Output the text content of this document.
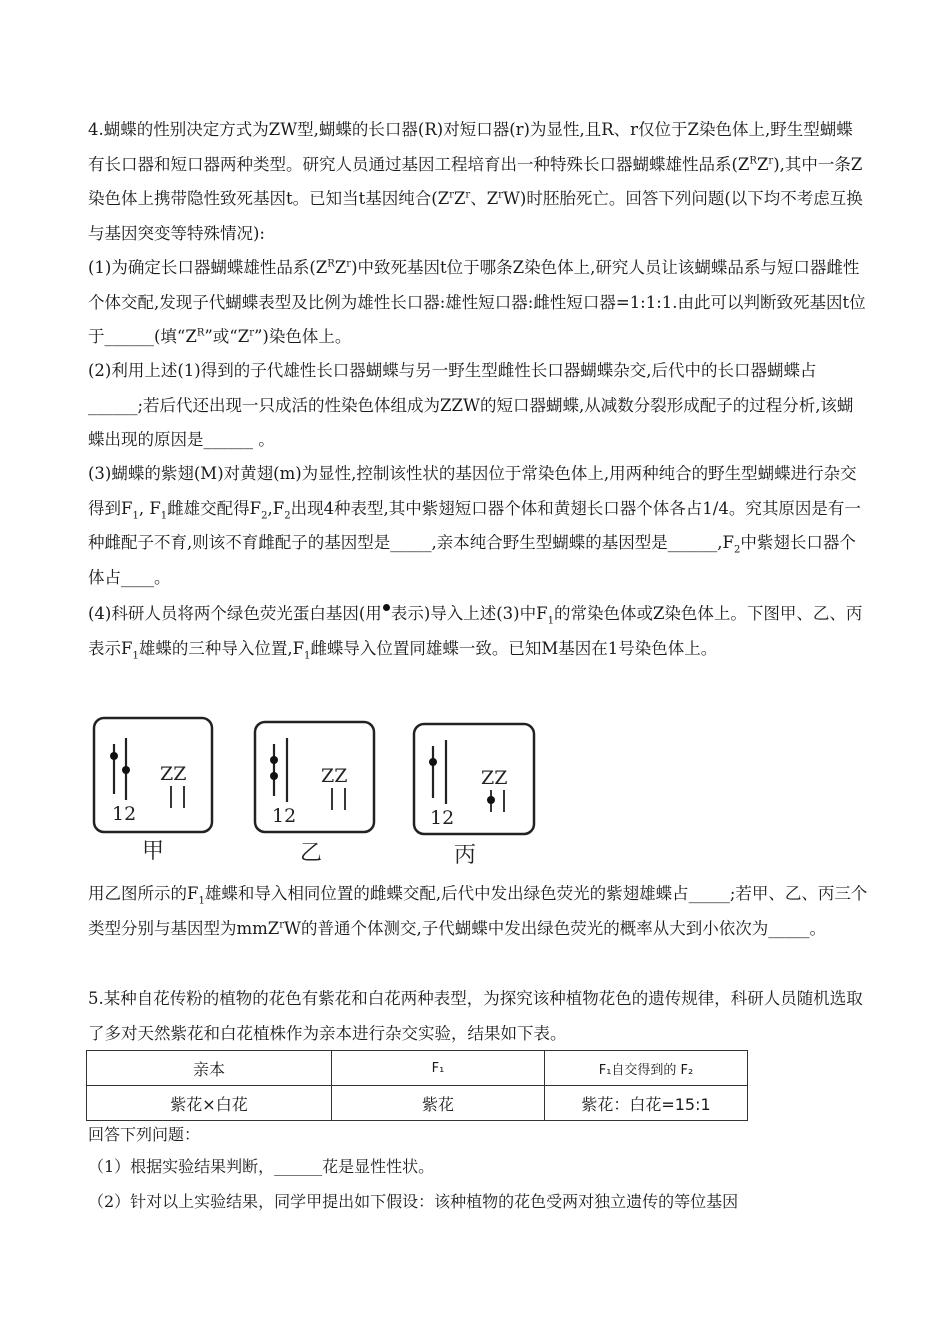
4.蝴蝶的性别决定方式为ZW型,蝴蝶的长口器(R)对短口器(r)为显性,且R、r仅位于Z染色体上,野生型蝴蝶有长口器和短口器两种类型。研究人员通过基因工程培育出一种特殊长口器蝴蝶雄性品系$(Z^RZ^r)$,其中一条Z染色体上携带隐性致死基因t。已知当t基因纯合($Z^rZ^r$、$Z^rW$)时胚胎死亡。回答下列问题(以下均不考虑互换与基因突变等特殊情况):

(1)为确定长口器蝴蝶雄性品系$(Z^RZ^r)$中致死基因t位于哪条Z染色体上,研究人员让该蝴蝶品系与短口器雌性个体交配,发现子代蝴蝶表型及比例为雄性长口器:雄性短口器:雌性短口器=1:1:1.由此可以判断致死基因t位于______(填“$Z^R$”或“$Z^r$”)染色体上。

(2)利用上述(1)得到的子代雄性长口器蝴蝶与另一野生型雌性长口器蝴蝶杂交,后代中的长口器蝴蝶占______;若后代还出现一只成活的性染色体组成为ZZW的短口器蝴蝶,从减数分裂形成配子的过程分析,该蝴蝶出现的原因是______ 。

(3)蝴蝶的紫翅(M)对黄翅(m)为显性,控制该性状的基因位于常染色体上,用两种纯合的野生型蝴蝶进行杂交得到$F_1$, $F_1$雌雄交配得$F_2,F_2$出现4种表型,其中紫翅短口器个体和黄翅长口器个体各占1/4。究其原因是有一种雌配子不育,则该不育雌配子的基因型是_____,亲本纯合野生型蝴蝶的基因型是$\_\_\_\_\_\_,F_2$中紫翅长口器个体占____。

(4)科研人员将两个绿色荧光蛋白基因(用 表示)导入上述(3)中$F_1$的常染色体或Z染色体上。下图甲、乙、丙表示$F_1$雄蝶的三种导入位置$,F_1$雌蝶导入位置同雄蝶一致。已知M基因在1号染色体上。

12
ZZ
甲
12
ZZ
乙
12
ZZ
丙

用乙图所示的$F_1$雄蝶和导入相同位置的雌蝶交配,后代中发出绿色荧光的紫翅雄蝶占_____;若甲、乙、丙三个类型分别与基因型为mmZ$^r$W的普通个体测交,子代蝴蝶中发出绿色荧光的概率从大到小依次为_____。

5.某种自花传粉的植物的花色有紫花和白花两种表型，为探究该种植物花色的遗传规律，科研人员随机选取了多对天然紫花和白花植株作为亲本进行杂交实验，结果如下表。

亲本	F₁	F₁自交得到的 F₂
紫花×白花	紫花	紫花：白花=15:1

回答下列问题：

（1）根据实验结果判断，______花是显性性状。

（2）针对以上实验结果，同学甲提出如下假设：该种植物的花色受两对独立遗传的等位基因
